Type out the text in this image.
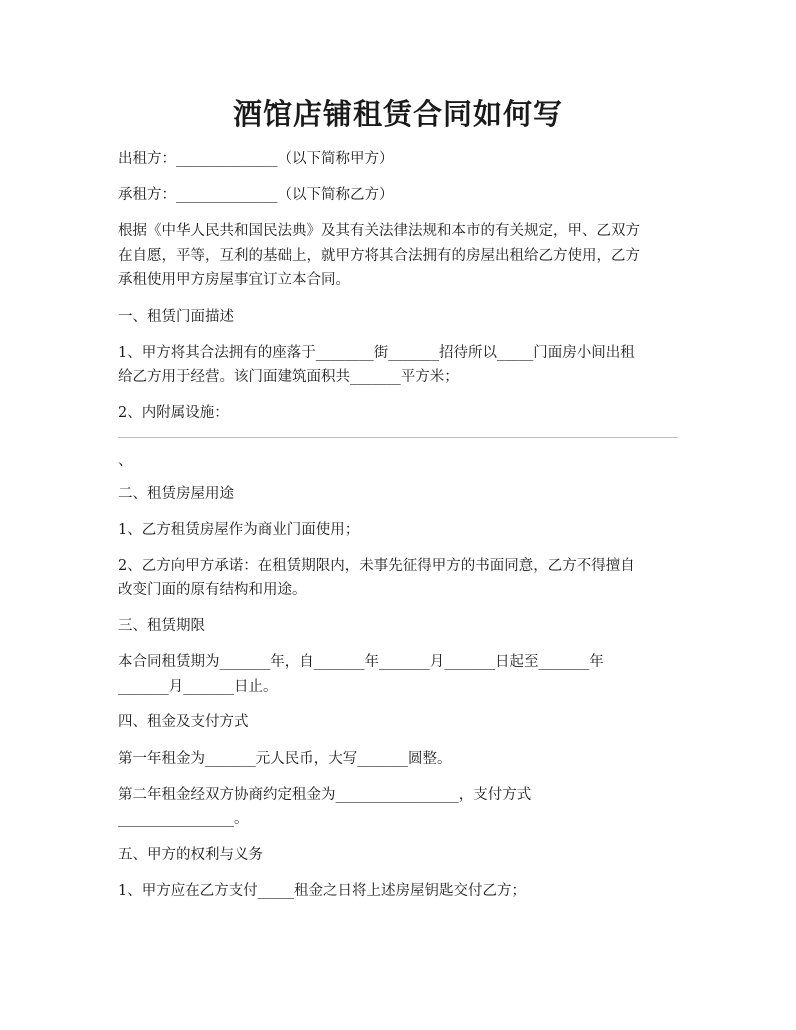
酒馆店铺租赁合同如何写

出租方：______________（以下简称甲方）

承租方：______________（以下简称乙方）

根据《中华人民共和国民法典》及其有关法律法规和本市的有关规定，甲、乙双方

在自愿，平等，互利的基础上，就甲方将其合法拥有的房屋出租给乙方使用，乙方

承租使用甲方房屋事宜订立本合同。

一、租赁门面描述

1、甲方将其合法拥有的座落于________街_______招待所以_____门面房小间出租

给乙方用于经营。该门面建筑面积共_______平方米；

2、内附属设施：

、

二、租赁房屋用途

1、乙方租赁房屋作为商业门面使用；

2、乙方向甲方承诺：在租赁期限内，未事先征得甲方的书面同意，乙方不得擅自

改变门面的原有结构和用途。

三、租赁期限

本合同租赁期为_______年，自_______年_______月_______日起至_______年

_______月_______日止。

四、租金及支付方式

第一年租金为_______元人民币，大写_______圆整。

第二年租金经双方协商约定租金为_________________，支付方式

________________。

五、甲方的权利与义务

1、甲方应在乙方支付_____租金之日将上述房屋钥匙交付乙方；
